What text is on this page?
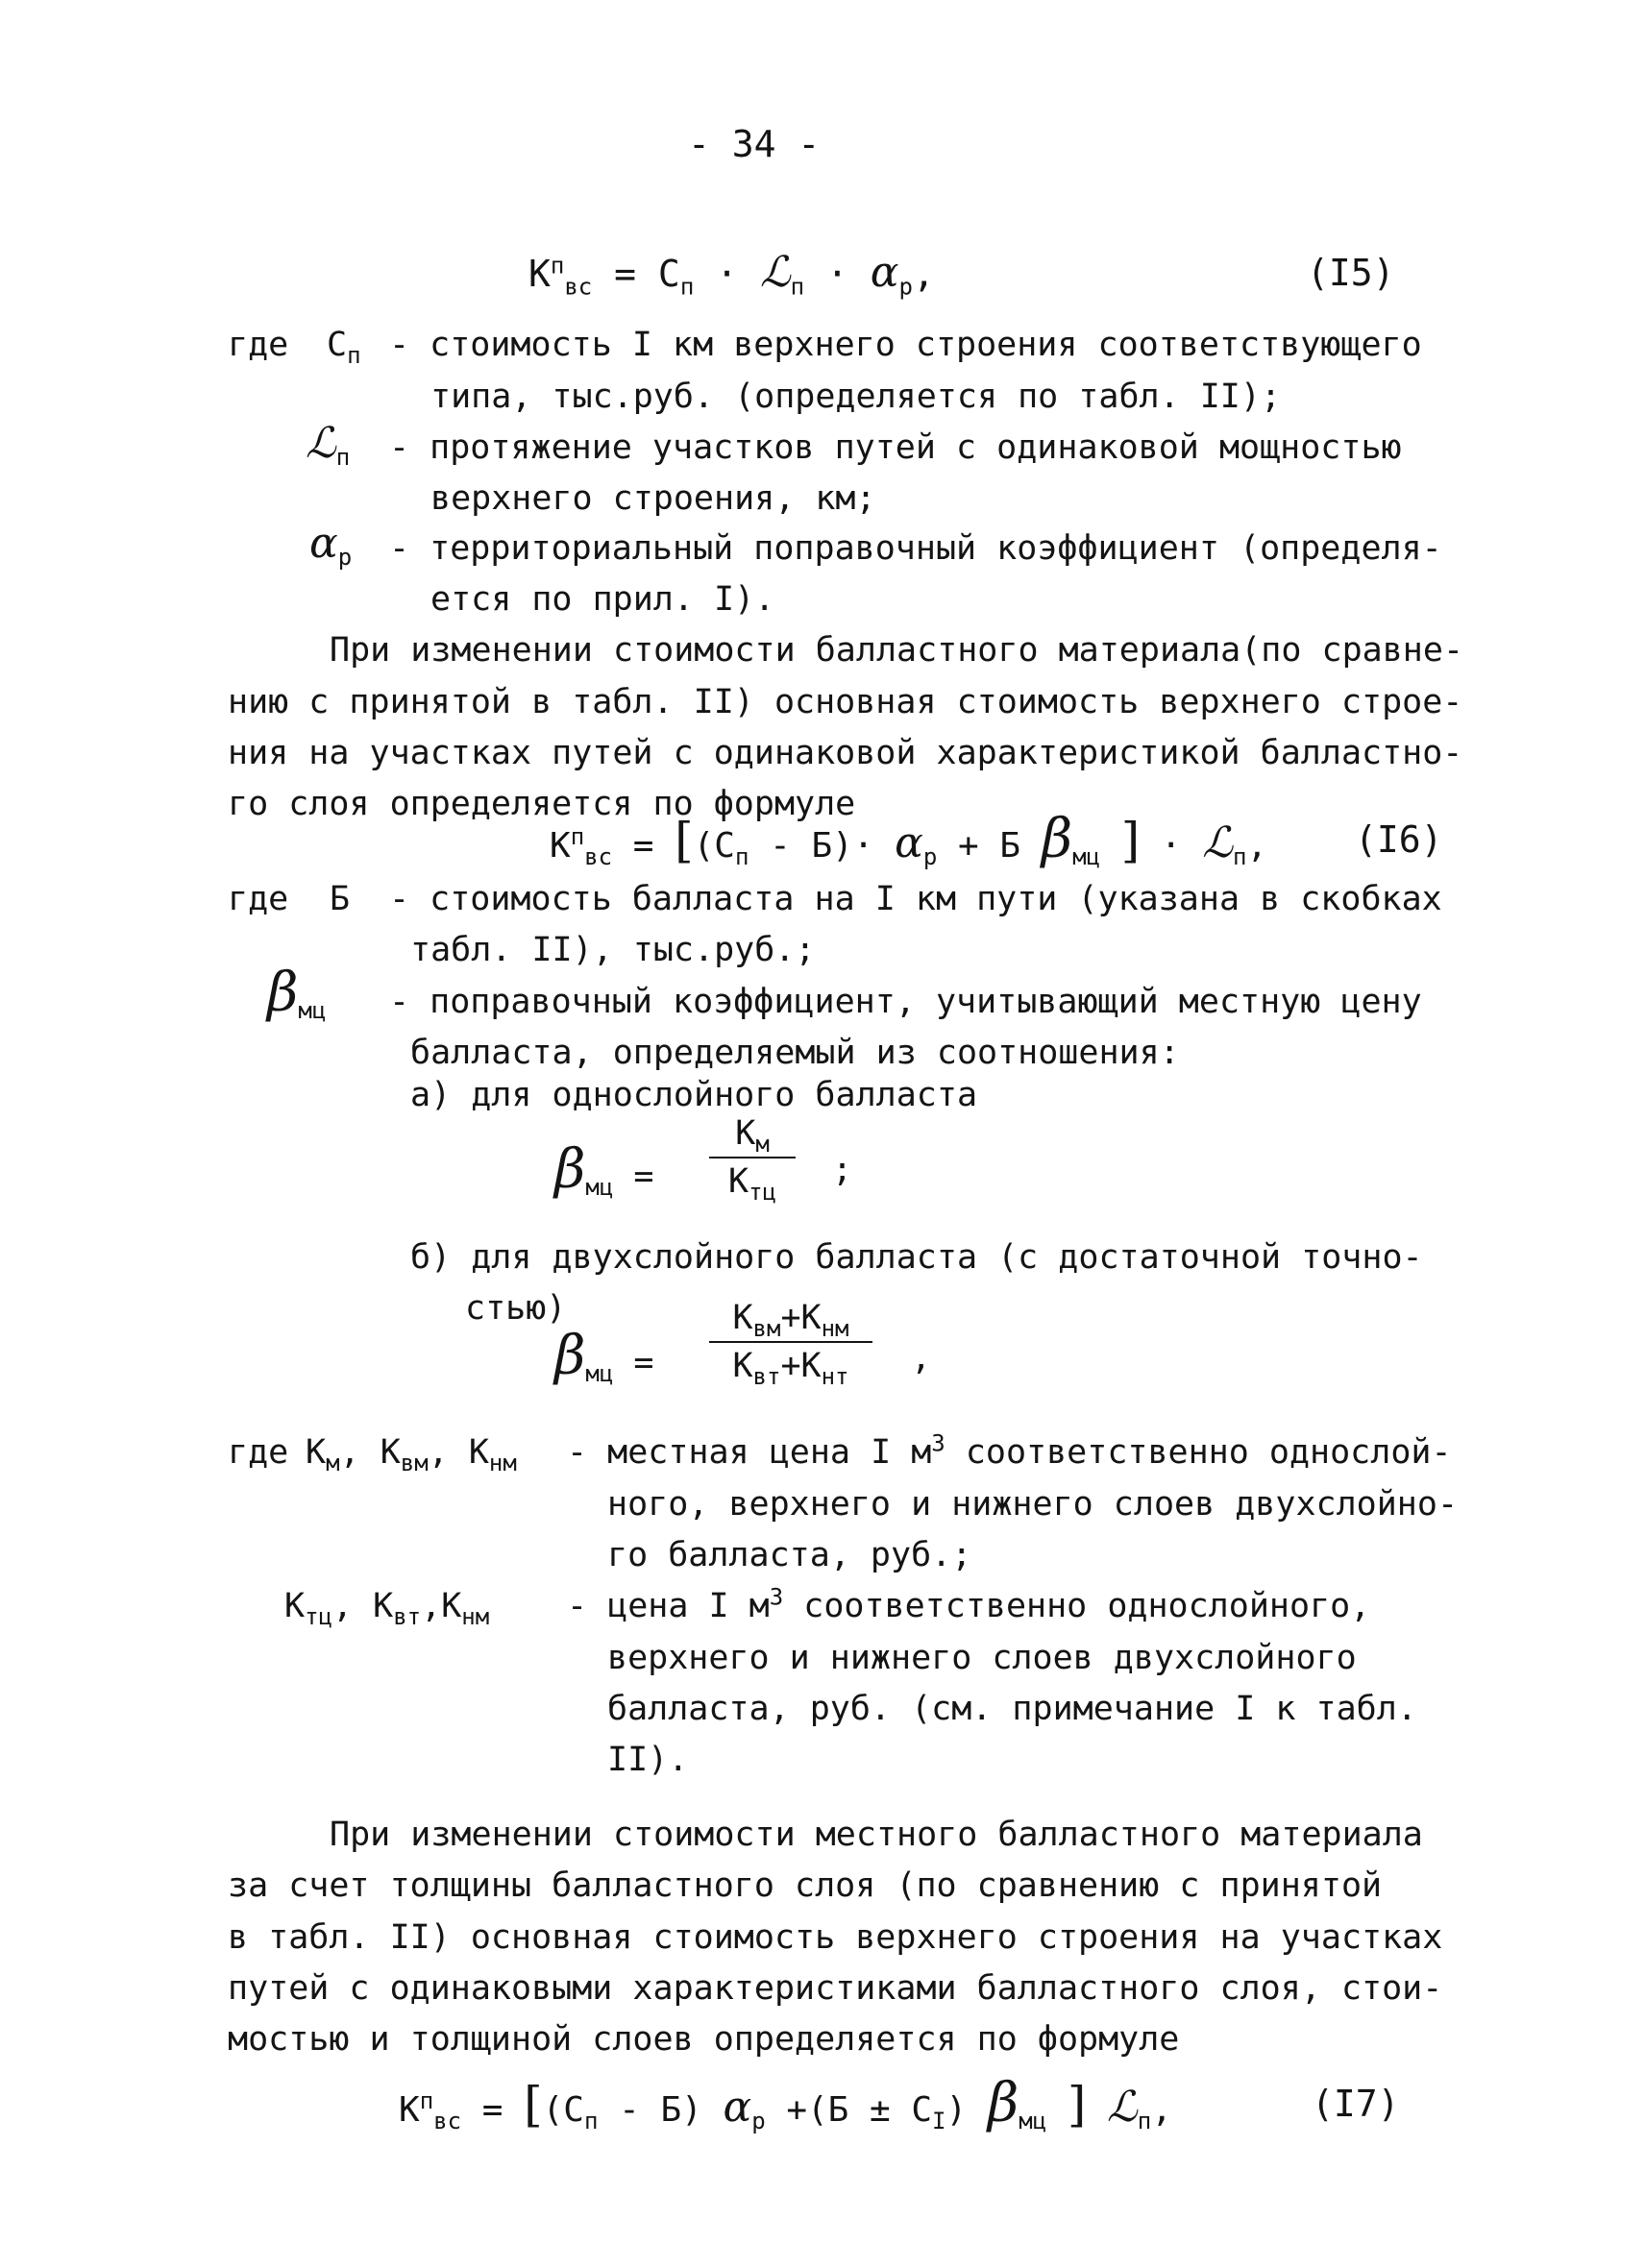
- 34 -
$К^п_{вс} = С_п$ · ℒ$_п$ · $\alpha_р$,	(I5)
где $С_п$ - стоимость I км верхнего строения соответствующего
типа, тыс.руб. (определяется по табл. II);
ℒ$_п$ - протяжение участков путей с одинаковой мощностью
верхнего строения, км;
$\alpha_р$ - территориальный поправочный коэффициент (определя-
ется по прил. I).
При изменении стоимости балластного материала(по сравне-
нию с принятой в табл. II) основная стоимость верхнего строе-
ния на участках путей с одинаковой характеристикой балластно-
го слоя определяется по формуле
$К^п_{вс} = [(С_п - Б)\cdot \alpha_р + Б$ $\beta_{мц}$ ] · ℒ$_п$, (I6)
где Б - стоимость балласта на I км пути (указана в скобках
табл. II), тыс.руб.;
$\beta_{мц}$ - поправочный коэффициент, учитывающий местную цену
балласта, определяемый из соотношения:
а) для однослойного балласта
$\beta_{мц}$ =
$К_м$
$К_{тц}$
;
б) для двухслойного балласта (с достаточной точно-
стью)
$\beta_{мц}$ =
$К_{вм}+К_{нм}$
$К_{вт}+К_{нт}$	,
где $К_м$, $К_{вм}$, $К_{нм}$ - местная цена I $м^3$ соответственно однослой-
ного, верхнего и нижнего слоев двухслойно-
го балласта, руб.;
$К_{тц}$, $К_{вт},К_{нм}$ - цена I $м^3$ соответственно однослойного,
верхнего и нижнего слоев двухслойного
балласта, руб. (см. примечание I к табл.
II).
При изменении стоимости местного балластного материала
за счет толщины балластного слоя (по сравнению с принятой
в табл. II) основная стоимость верхнего строения на участках
путей с одинаковыми характеристиками балластного слоя, стои-
мостью и толщиной слоев определяется по формуле
$К^п_{вс} = [(С_п - Б)$ $\alpha_р +(Б \pm С_I)$ $\beta_{мц}$ ] ℒ$_п$,	(I7)
